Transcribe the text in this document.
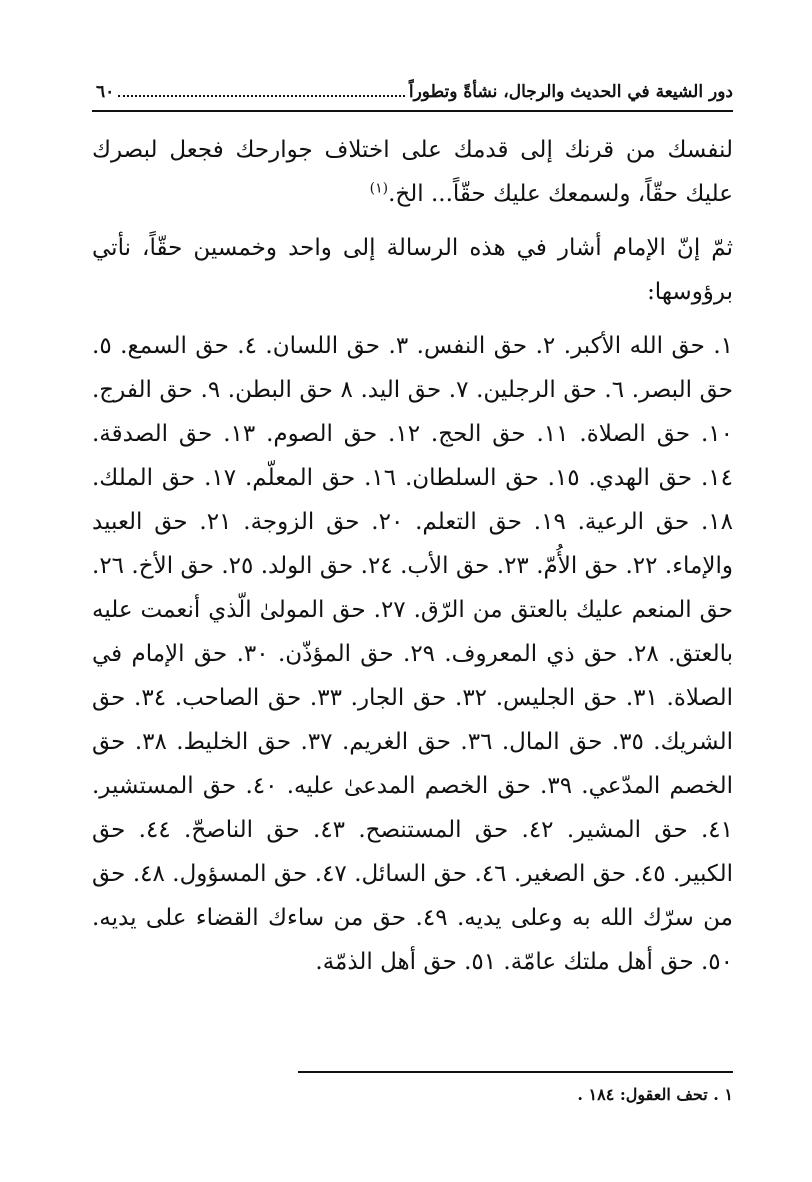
دور الشيعة في الحديث والرجال، نشأةً وتطوراً
٦٠

لنفسك من قرنك إلى قدمك على اختلاف جوارحك فجعل لبصرك عليك حقّاً، ولسمعك عليك حقّاً... الخ.$^{(١)}$

ثمّ إنّ الإمام أشار في هذه الرسالة إلى واحد وخمسين حقّاً، نأتي برؤوسها:

١. حق الله الأكبر. ٢. حق النفس. ٣. حق اللسان. ٤. حق السمع. ٥. حق البصر. ٦. حق الرجلين. ٧. حق اليد. ٨ حق البطن. ٩. حق الفرج. ١٠. حق الصلاة. ١١. حق الحج. ١٢. حق الصوم. ١٣. حق الصدقة. ١٤. حق الهدي. ١٥. حق السلطان. ١٦. حق المعلّم. ١٧. حق الملك. ١٨. حق الرعية. ١٩. حق التعلم. ٢٠. حق الزوجة. ٢١. حق العبيد والإماء. ٢٢. حق الأُمّ. ٢٣. حق الأب. ٢٤. حق الولد. ٢٥. حق الأخ. ٢٦. حق المنعم عليك بالعتق من الرّق. ٢٧. حق المولىٰ الّذي أنعمت عليه بالعتق. ٢٨. حق ذي المعروف. ٢٩. حق المؤذّن. ٣٠. حق الإمام في الصلاة. ٣١. حق الجليس. ٣٢. حق الجار. ٣٣. حق الصاحب. ٣٤. حق الشريك. ٣٥. حق المال. ٣٦. حق الغريم. ٣٧. حق الخليط. ٣٨. حق الخصم المدّعي. ٣٩. حق الخصم المدعىٰ عليه. ٤٠. حق المستشير. ٤١. حق المشير. ٤٢. حق المستنصح. ٤٣. حق الناصحّ. ٤٤. حق الكبير. ٤٥. حق الصغير. ٤٦. حق السائل. ٤٧. حق المسؤول. ٤٨. حق من سرّك الله به وعلى يديه. ٤٩. حق من ساءك القضاء على يديه. ٥٠. حق أهل ملتك عامّة. ٥١. حق أهل الذمّة.

١ . تحف العقول: ١٨٤ .
